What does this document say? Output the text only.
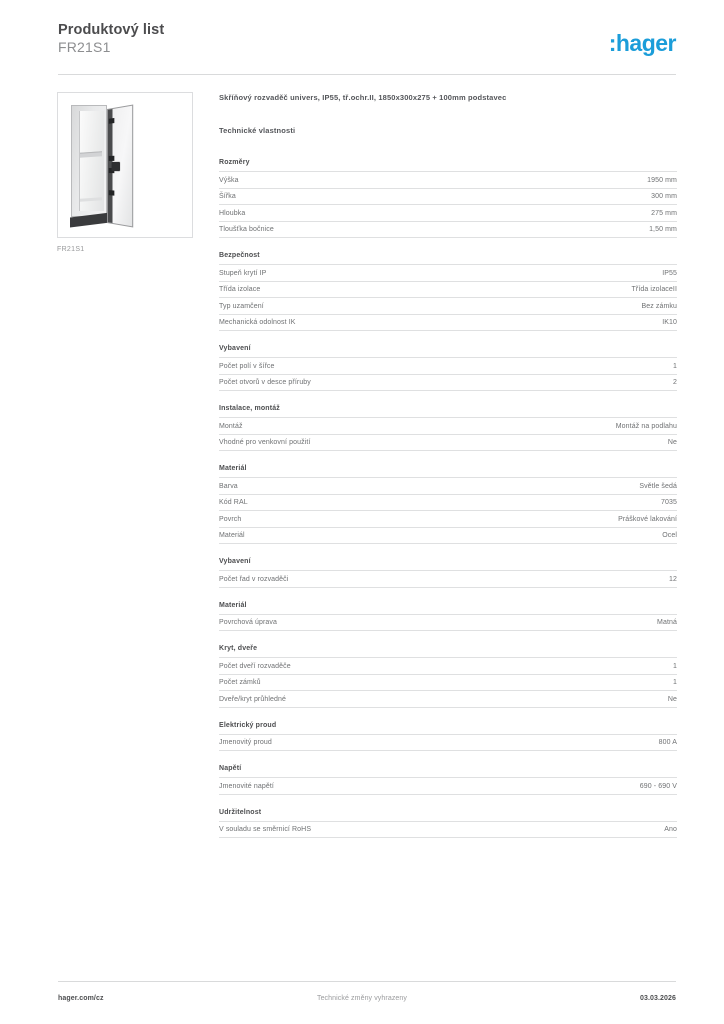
Produktový list
FR21S1	:hager
FR21S1
Skříňový rozvaděč univers, IP55, tř.ochr.II, 1850x300x275 + 100mm podstavec
Technické vlastnosti
Rozměry
Výška	1950 mm
Šířka	300 mm
Hloubka	275 mm
Tloušťka bočnice	1,50 mm
Bezpečnost
Stupeň krytí IP	IP55
Třída izolace	Třída izolaceII
Typ uzamčení	Bez zámku
Mechanická odolnost IK	IK10
Vybavení
Počet polí v šířce	1
Počet otvorů v desce příruby	2
Instalace, montáž
Montáž	Montáž na podlahu
Vhodné pro venkovní použití	Ne
Materiál
Barva	Světle šedá
Kód RAL	7035
Povrch	Práškové lakování
Materiál	Ocel
Vybavení
Počet řad v rozvaděči	12
Materiál
Povrchová úprava	Matná
Kryt, dveře
Počet dveří rozvaděče	1
Počet zámků	1
Dveře/kryt průhledné	Ne
Elektrický proud
Jmenovitý proud	800 A
Napětí
Jmenovité napětí	690 - 690 V
Udržitelnost
V souladu se směrnicí RoHS	Ano
hager.com/cz	Technické změny vyhrazeny	03.03.2026
